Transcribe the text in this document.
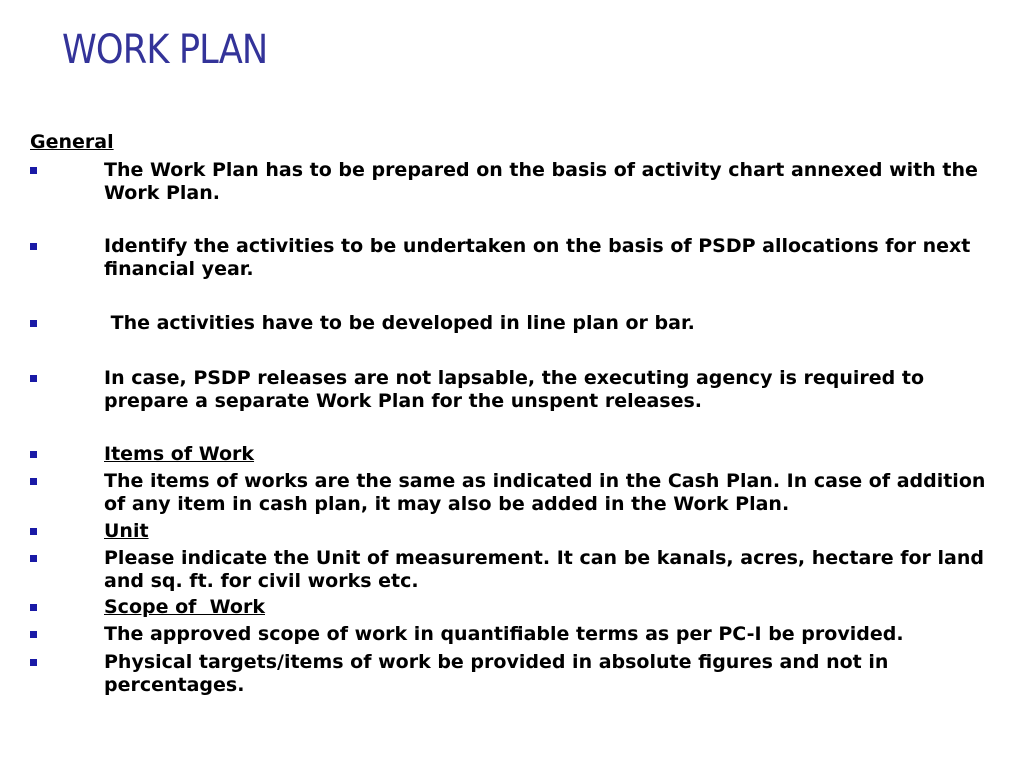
WORK PLAN
General
The Work Plan has to be prepared on the basis of activity chart annexed with the Work Plan.
Identify the activities to be undertaken on the basis of PSDP allocations for next financial year.
The activities have to be developed in line plan or bar.
In case, PSDP releases are not lapsable, the executing agency is required to prepare a separate Work Plan for the unspent releases.
Items of Work
The items of works are the same as indicated in the Cash Plan. In case of addition of any item in cash plan, it may also be added in the Work Plan.
Unit
Please indicate the Unit of measurement. It can be kanals, acres, hectare for land and sq. ft. for civil works etc.
Scope of  Work
The approved scope of work in quantifiable terms as per PC-I be provided.
Physical targets/items of work be provided in absolute figures and not in percentages.
